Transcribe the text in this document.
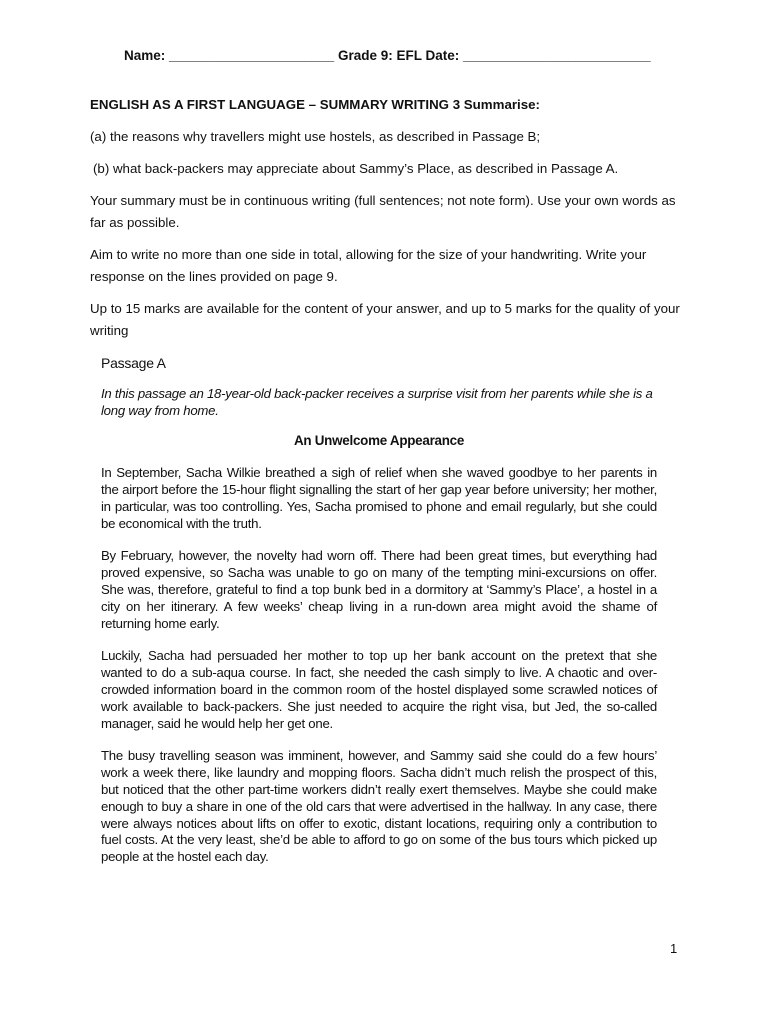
Name: ______________________ Grade 9: EFL Date: _________________________

ENGLISH AS A FIRST LANGUAGE – SUMMARY WRITING 3 Summarise:

(a) the reasons why travellers might use hostels, as described in Passage B;

(b) what back-packers may appreciate about Sammy’s Place, as described in Passage A.

Your summary must be in continuous writing (full sentences; not note form). Use your own words as far as possible.

Aim to write no more than one side in total, allowing for the size of your handwriting. Write your response on the lines provided on page 9.

Up to 15 marks are available for the content of your answer, and up to 5 marks for the quality of your writing

Passage A

In this passage an 18-year-old back-packer receives a surprise visit from her parents while she is a long way from home.

An Unwelcome Appearance

In September, Sacha Wilkie breathed a sigh of relief when she waved goodbye to her parents in the airport before the 15-hour flight signalling the start of her gap year before university; her mother, in particular, was too controlling. Yes, Sacha promised to phone and email regularly, but she could be economical with the truth.

By February, however, the novelty had worn off. There had been great times, but everything had proved expensive, so Sacha was unable to go on many of the tempting mini-excursions on offer. She was, therefore, grateful to find a top bunk bed in a dormitory at ‘Sammy’s Place’, a hostel in a city on her itinerary. A few weeks’ cheap living in a run-down area might avoid the shame of returning home early.

Luckily, Sacha had persuaded her mother to top up her bank account on the pretext that she wanted to do a sub-aqua course. In fact, she needed the cash simply to live. A chaotic and over-crowded information board in the common room of the hostel displayed some scrawled notices of work available to back-packers. She just needed to acquire the right visa, but Jed, the so-called manager, said he would help her get one.

The busy travelling season was imminent, however, and Sammy said she could do a few hours’ work a week there, like laundry and mopping floors. Sacha didn’t much relish the prospect of this, but noticed that the other part-time workers didn’t really exert themselves. Maybe she could make enough to buy a share in one of the old cars that were advertised in the hallway. In any case, there were always notices about lifts on offer to exotic, distant locations, requiring only a contribution to fuel costs. At the very least, she’d be able to afford to go on some of the bus tours which picked up people at the hostel each day.

1
